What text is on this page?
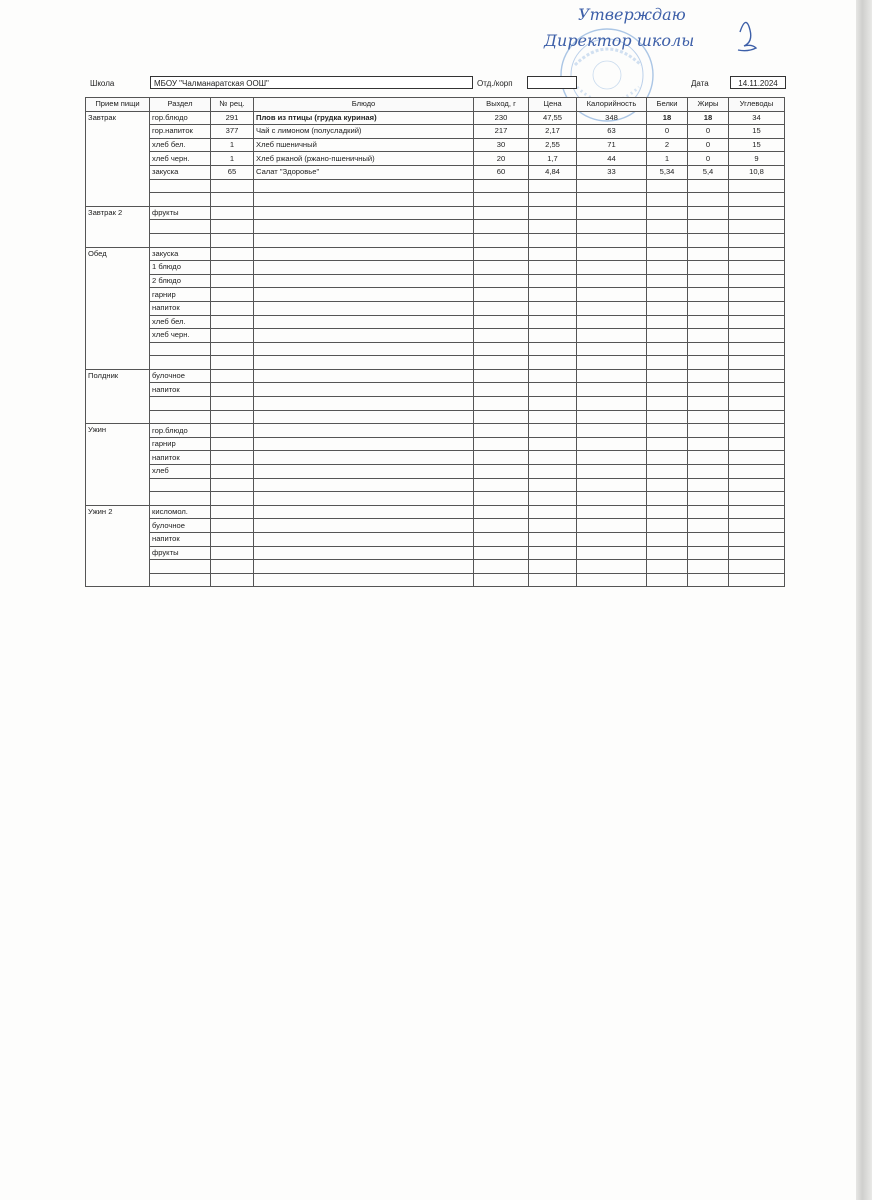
Утверждаю
Директор школы
Школа	МБОУ "Чалманаратская ООШ"	Отд./корп	Дата	14.11.2024
Прием пищи	Раздел	№ рец.	Блюдо	Выход, г	Цена	Калорийность	Белки	Жиры	Углеводы
Завтрак	гор.блюдо	291	Плов из птицы (грудка куриная)	230	47,55	348	18	18	34
	гор.напиток	377	Чай с лимоном (полусладкий)	217	2,17	63	0	0	15
	хлеб бел.	1	Хлеб пшеничный	30	2,55	71	2	0	15
	хлеб черн.	1	Хлеб ржаной (ржано-пшеничный)	20	1,7	44	1	0	9
	закуска	65	Салат "Здоровье"	60	4,84	33	5,34	5,4	10,8

Завтрак 2	фрукты								

Обед	закуска								
	1 блюдо								
	2 блюдо								
	гарнир								
	напиток								
	хлеб бел.								
	хлеб черн.								

Полдник	булочное								
	напиток								

Ужин	гор.блюдо								
	гарнир								
	напиток								
	хлеб								

Ужин 2	кисломол.								
	булочное								
	напиток								
	фрукты								
